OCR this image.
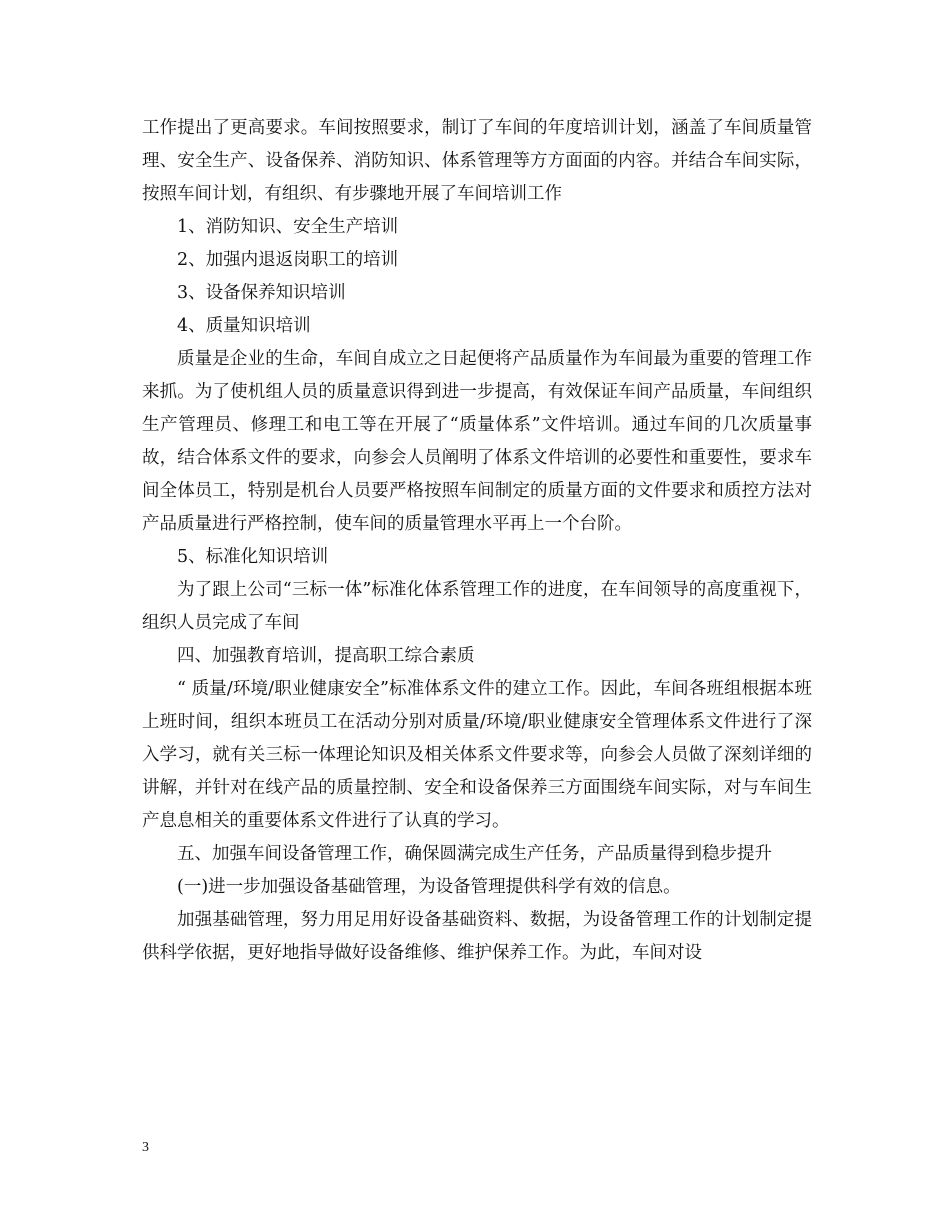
工作提出了更高要求。车间按照要求，制订了车间的年度培训计划，涵盖了车间质量管理、安全生产、设备保养、消防知识、体系管理等方方面面的内容。并结合车间实际，按照车间计划，有组织、有步骤地开展了车间培训工作

1、消防知识、安全生产培训

2、加强内退返岗职工的培训

3、设备保养知识培训

4、质量知识培训

质量是企业的生命，车间自成立之日起便将产品质量作为车间最为重要的管理工作来抓。为了使机组人员的质量意识得到进一步提高，有效保证车间产品质量，车间组织生产管理员、修理工和电工等在开展了“质量体系”文件培训。通过车间的几次质量事故，结合体系文件的要求，向参会人员阐明了体系文件培训的必要性和重要性，要求车间全体员工，特别是机台人员要严格按照车间制定的质量方面的文件要求和质控方法对产品质量进行严格控制，使车间的质量管理水平再上一个台阶。

5、标准化知识培训

为了跟上公司“三标一体”标准化体系管理工作的进度，在车间领导的高度重视下，组织人员完成了车间

四、加强教育培训，提高职工综合素质

“ 质量/环境/职业健康安全”标准体系文件的建立工作。因此，车间各班组根据本班上班时间，组织本班员工在活动分别对质量/环境/职业健康安全管理体系文件进行了深入学习，就有关三标一体理论知识及相关体系文件要求等，向参会人员做了深刻详细的讲解，并针对在线产品的质量控制、安全和设备保养三方面围绕车间实际，对与车间生产息息相关的重要体系文件进行了认真的学习。

五、加强车间设备管理工作，确保圆满完成生产任务，产品质量得到稳步提升

(一)进一步加强设备基础管理，为设备管理提供科学有效的信息。

加强基础管理，努力用足用好设备基础资料、数据，为设备管理工作的计划制定提供科学依据，更好地指导做好设备维修、维护保养工作。为此，车间对设

3
